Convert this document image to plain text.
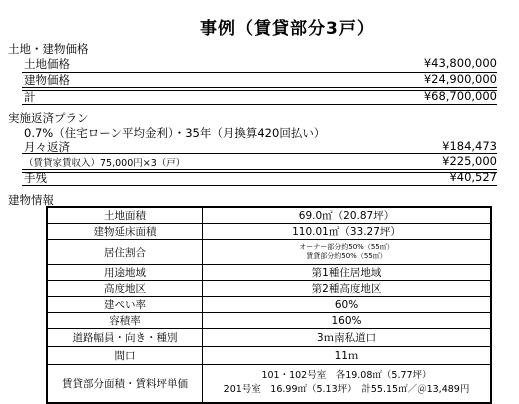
事例（賃貸部分3戸）
土地・建物価格
土地価格	¥43,800,000
建物価格	¥24,900,000
計	¥68,700,000
実施返済プラン
0.7%（住宅ローン平均金利）・35年（月換算420回払い）
月々返済	¥184,473
（賃貸家賃収入）75,000円×3（戸）	¥225,000
手残	¥40,527
建物情報
土地面積	69.0㎡（20.87坪）
建物延床面積	110.01㎡（33.27坪）
居住割合	オーナー部分約50%（55㎡）
賃貸部分約50%（55㎡）

用途地域	第1種住居地域
高度地区	第2種高度地区
建ぺい率	60%
容積率	160%
道路幅員・向き・種別	3ｍ南私道口
間口	11ｍ
賃貸部分面積・賃料坪単価	101・102号室　各19.08㎡（5.77坪）
201号室　16.99㎡（5.13坪）　計55.15㎡／＠13,489円
